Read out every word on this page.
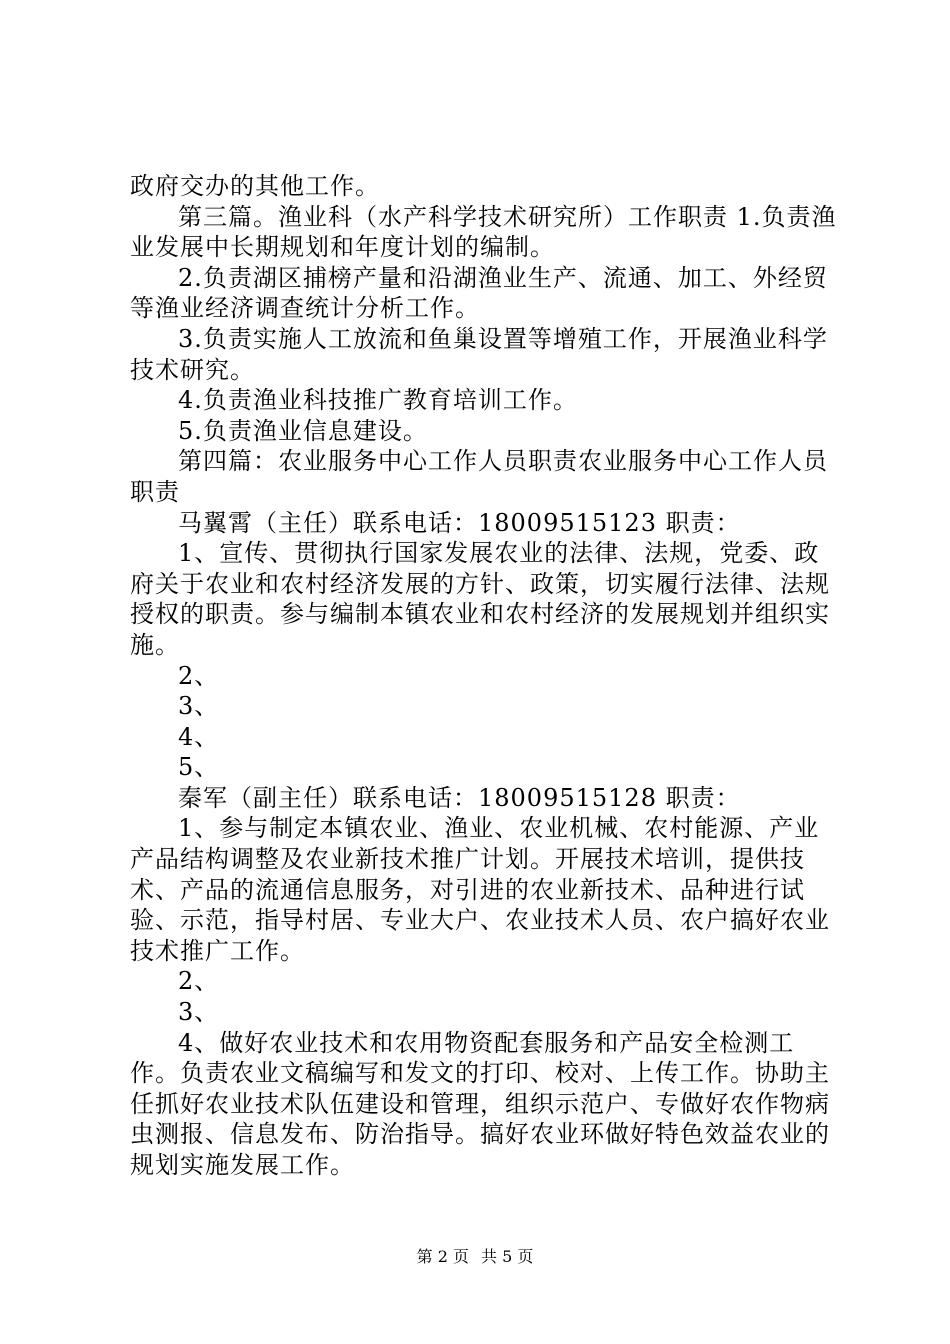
政府交办的其他工作。

第三篇。渔业科（水产科学技术研究所）工作职责 1.负责渔业发展中长期规划和年度计划的编制。

2.负责湖区捕榜产量和沿湖渔业生产、流通、加工、外经贸等渔业经济调查统计分析工作。

3.负责实施人工放流和鱼巢设置等增殖工作，开展渔业科学技术研究。

4.负责渔业科技推广教育培训工作。

5.负责渔业信息建设。

第四篇：农业服务中心工作人员职责农业服务中心工作人员职责

马翼霄（主任）联系电话：18009515123 职责：

1、宣传、贯彻执行国家发展农业的法律、法规，党委、政府关于农业和农村经济发展的方针、政策，切实履行法律、法规授权的职责。参与编制本镇农业和农村经济的发展规划并组织实施。

2、

3、

4、

5、

秦军（副主任）联系电话：18009515128 职责：

1、参与制定本镇农业、渔业、农业机械、农村能源、产业产品结构调整及农业新技术推广计划。开展技术培训，提供技术、产品的流通信息服务，对引进的农业新技术、品种进行试验、示范，指导村居、专业大户、农业技术人员、农户搞好农业技术推广工作。

2、

3、

4、做好农业技术和农用物资配套服务和产品安全检测工作。负责农业文稿编写和发文的打印、校对、上传工作。协助主任抓好农业技术队伍建设和管理，组织示范户、专做好农作物病虫测报、信息发布、防治指导。搞好农业环做好特色效益农业的规划实施发展工作。

第 2 页 共 5 页
